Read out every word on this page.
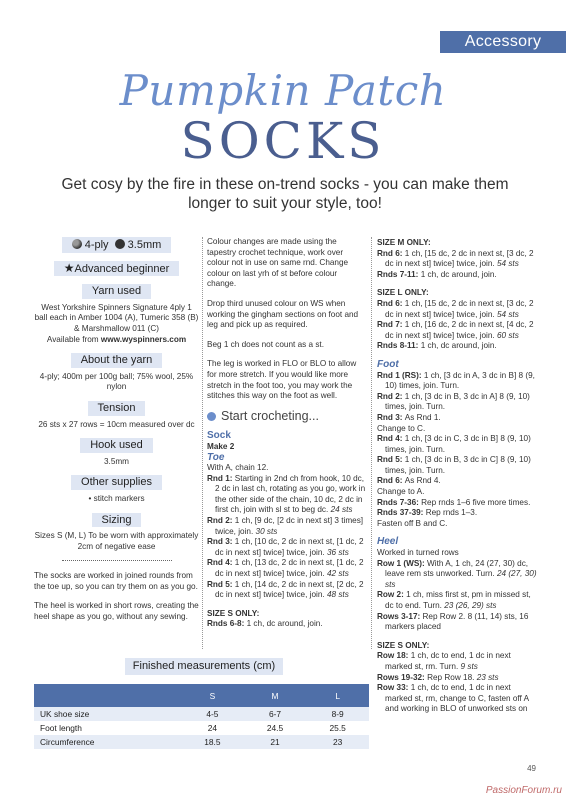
Accessory
Pumpkin Patch
SOCKS
Get cosy by the fire in these on-trend socks - you can make them longer to suit your style, too!
4-ply 3.5mm
★Advanced beginner
Yarn used
West Yorkshire Spinners Signature 4ply 1 ball each in Amber 1004 (A), Tumeric 358 (B) & Marshmallow 011 (C)
Available from www.wyspinners.com
About the yarn
4-ply; 400m per 100g ball; 75% wool, 25% nylon
Tension
26 sts x 27 rows = 10cm measured over dc
Hook used
3.5mm
Other supplies
• stitch markers
Sizing
Sizes S (M, L) To be worn with approximately 2cm of negative ease
The socks are worked in joined rounds from the toe up, so you can try them on as you go.
The heel is worked in short rows, creating the heel shape as you go, without any sewing.
Colour changes are made using the tapestry crochet technique, work over colour not in use on same rnd. Change colour on last yrh of st before colour change.
Drop third unused colour on WS when working the gingham sections on foot and leg and pick up as required.
Beg 1 ch does not count as a st.
The leg is worked in FLO or BLO to allow for more stretch. If you would like more stretch in the foot too, you may work the stitches this way on the foot as well.
Start crocheting...
Sock
Make 2
Toe
With A, chain 12.
Rnd 1: Starting in 2nd ch from hook, 10 dc, 2 dc in last ch, rotating as you go, work in the other side of the chain, 10 dc, 2 dc in first ch, join with sl st to beg dc. 24 sts
Rnd 2: 1 ch, [9 dc, [2 dc in next st] 3 times] twice, join. 30 sts
Rnd 3: 1 ch, [10 dc, 2 dc in next st, [1 dc, 2 dc in next st] twice] twice, join. 36 sts
Rnd 4: 1 ch, [13 dc, 2 dc in next st, [1 dc, 2 dc in next st] twice] twice, join. 42 sts
Rnd 5: 1 ch, [14 dc, 2 dc in next st, [2 dc, 2 dc in next st] twice] twice, join. 48 sts
SIZE S ONLY:
Rnds 6-8: 1 ch, dc around, join.
SIZE M ONLY:
Rnd 6: 1 ch, [15 dc, 2 dc in next st, [3 dc, 2 dc in next st] twice] twice, join. 54 sts
Rnds 7-11: 1 ch, dc around, join.
SIZE L ONLY:
Rnd 6: 1 ch, [15 dc, 2 dc in next st, [3 dc, 2 dc in next st] twice] twice, join. 54 sts
Rnd 7: 1 ch, [16 dc, 2 dc in next st, [4 dc, 2 dc in next st] twice] twice, join. 60 sts
Rnds 8-11: 1 ch, dc around, join.
Foot
Rnd 1 (RS): 1 ch, [3 dc in A, 3 dc in B] 8 (9, 10) times, join. Turn.
Rnd 2: 1 ch, [3 dc in B, 3 dc in A] 8 (9, 10) times, join. Turn.
Rnd 3: As Rnd 1.
Change to C.
Rnd 4: 1 ch, [3 dc in C, 3 dc in B] 8 (9, 10) times, join. Turn.
Rnd 5: 1 ch, [3 dc in B, 3 dc in C] 8 (9, 10) times, join. Turn.
Rnd 6: As Rnd 4.
Change to A.
Rnds 7-36: Rep rnds 1–6 five more times.
Rnds 37-39: Rep rnds 1–3.
Fasten off B and C.
Heel
Worked in turned rows
Row 1 (WS): With A, 1 ch, 24 (27, 30) dc, leave rem sts unworked. Turn. 24 (27, 30) sts
Row 2: 1 ch, miss first st, pm in missed st, dc to end. Turn. 23 (26, 29) sts
Rows 3-17: Rep Row 2. 8 (11, 14) sts, 16 markers placed
SIZE S ONLY:
Row 18: 1 ch, dc to end, 1 dc in next marked st, rm. Turn. 9 sts
Rows 19-32: Rep Row 18. 23 sts
Row 33: 1 ch, dc to end, 1 dc in next marked st, rm, change to C, fasten off A and working in BLO of unworked sts on
Finished measurements (cm)
	S	M	L
UK shoe size	4-5	6-7	8-9
Foot length	24	24.5	25.5
Circumference	18.5	21	23
49
PassionForum.ru
